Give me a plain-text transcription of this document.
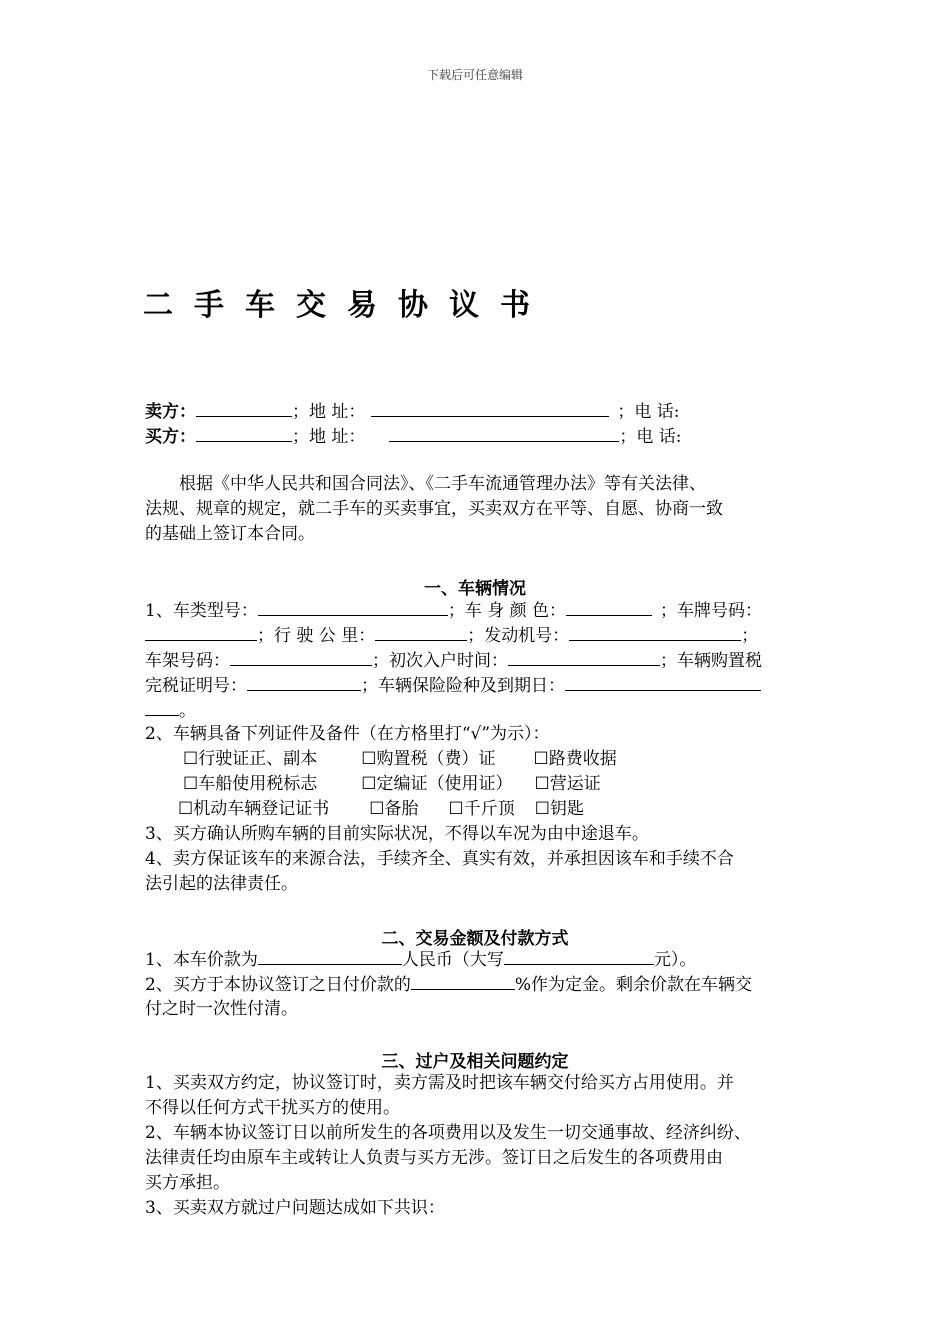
下载后可任意编辑
二手车交易协议书
卖方：	；地 址：	；电 话:
买方：	；地 址：	；电 话:
根据《中华人民共和国合同法》、《二手车流通管理办法》等有关法律、
法规、规章的规定，就二手车的买卖事宜，买卖双方在平等、自愿、协商一致
的基础上签订本合同。
一、车辆情况
1、车类型号：	；车 身 颜 色：	；车牌号码：
；行 驶 公 里：	；发动机号：	；
车架号码：	；初次入户时间：	；车辆购置税
完税证明号：	；车辆保险险种及到期日：
。
2、车辆具备下列证件及备件（在方格里打“√”为示）：
☐行驶证正、副本	☐购置税（费）证 ☐路费收据
☐车船使用税标志	☐定编证（使用证） ☐营运证
☐机动车辆登记证书 ☐备胎 ☐千斤顶 ☐钥匙
3、买方确认所购车辆的目前实际状况，不得以车况为由中途退车。
4、卖方保证该车的来源合法，手续齐全、真实有效，并承担因该车和手续不合
法引起的法律责任。
二、交易金额及付款方式
1、本车价款为	人民币（大写	元）。
2、买方于本协议签订之日付价款的	%作为定金。剩余价款在车辆交
付之时一次性付清。
三、过户及相关问题约定
1、买卖双方约定，协议签订时，卖方需及时把该车辆交付给买方占用使用。并
不得以任何方式干扰买方的使用。
2、车辆本协议签订日以前所发生的各项费用以及发生一切交通事故、经济纠纷、
法律责任均由原车主或转让人负责与买方无涉。签订日之后发生的各项费用由
买方承担。
3、买卖双方就过户问题达成如下共识：
